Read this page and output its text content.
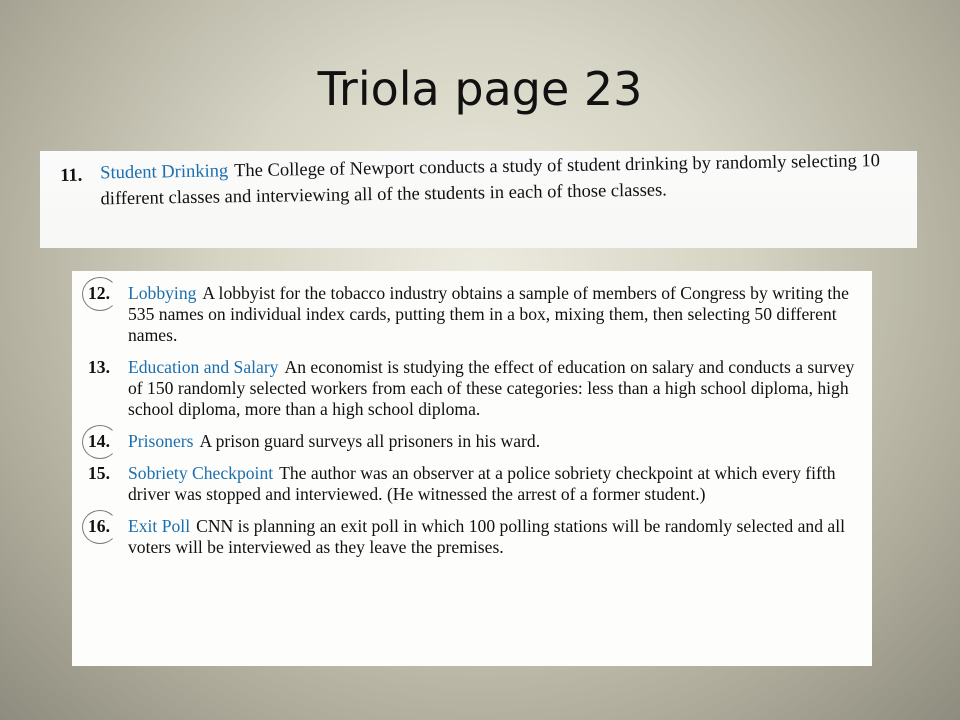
Triola page 23
11. Student Drinking The College of Newport conducts a study of student drinking by randomly selecting 10 different classes and interviewing all of the students in each of those classes.
12.	Lobbying A lobbyist for the tobacco industry obtains a sample of members of Congress by writing the 535 names on individual index cards, putting them in a box, mixing them, then selecting 50 different names.
13.	Education and Salary An economist is studying the effect of education on salary and conducts a survey of 150 randomly selected workers from each of these categories: less than a high school diploma, high school diploma, more than a high school diploma.
14.	Prisoners A prison guard surveys all prisoners in his ward.
15.	Sobriety Checkpoint The author was an observer at a police sobriety checkpoint at which every fifth driver was stopped and interviewed. (He witnessed the arrest of a former student.)
16.	Exit Poll CNN is planning an exit poll in which 100 polling stations will be randomly selected and all voters will be interviewed as they leave the premises.
